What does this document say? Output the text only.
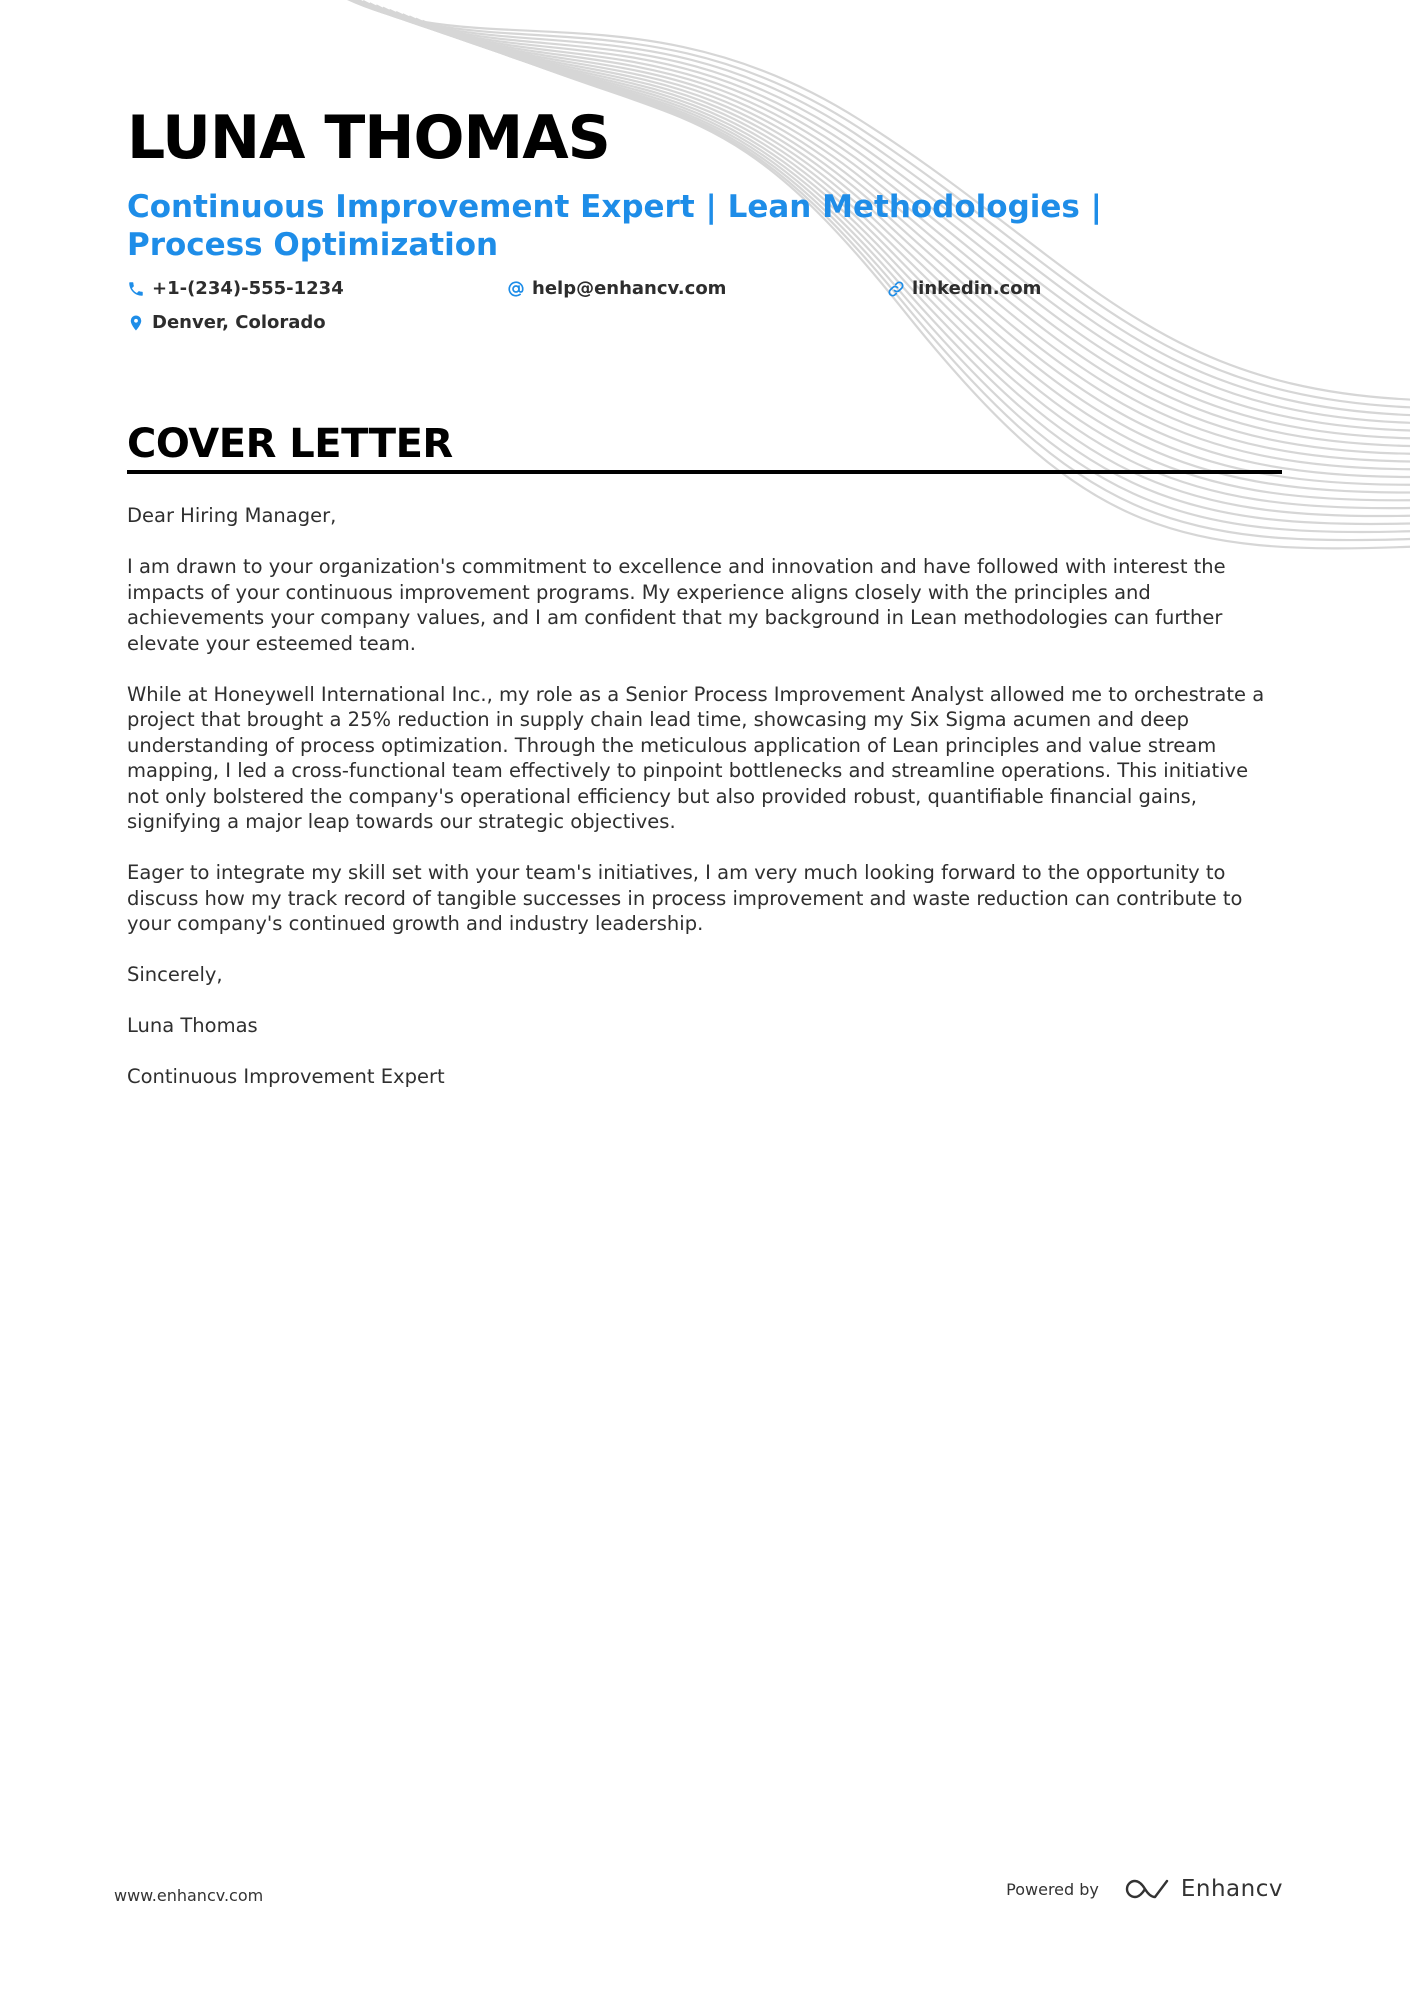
LUNA THOMAS
Continuous Improvement Expert | Lean Methodologies | Process Optimization
+1-(234)-555-1234	help@enhancv.com	linkedin.com
Denver, Colorado
COVER LETTER

Dear Hiring Manager,

I am drawn to your organization's commitment to excellence and innovation and have followed with interest the impacts of your continuous improvement programs. My experience aligns closely with the principles and achievements your company values, and I am confident that my background in Lean methodologies can further elevate your esteemed team.

While at Honeywell International Inc., my role as a Senior Process Improvement Analyst allowed me to orchestrate a project that brought a 25% reduction in supply chain lead time, showcasing my Six Sigma acumen and deep understanding of process optimization. Through the meticulous application of Lean principles and value stream mapping, I led a cross-functional team effectively to pinpoint bottlenecks and streamline operations. This initiative not only bolstered the company's operational efficiency but also provided robust, quantifiable financial gains, signifying a major leap towards our strategic objectives.

Eager to integrate my skill set with your team's initiatives, I am very much looking forward to the opportunity to discuss how my track record of tangible successes in process improvement and waste reduction can contribute to your company's continued growth and industry leadership.

Sincerely,

Luna Thomas

Continuous Improvement Expert

www.enhancv.com	Powered by	Enhancv
